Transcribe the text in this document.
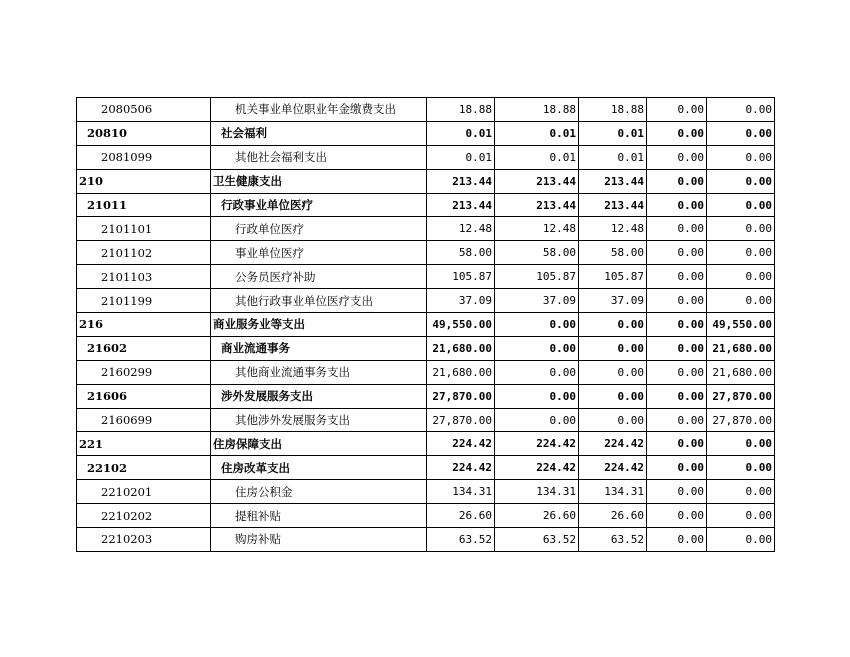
2080506	机关事业单位职业年金缴费支出	18.88	18.88	18.88	0.00	0.00
20810	社会福利	0.01	0.01	0.01	0.00	0.00
2081099	其他社会福利支出	0.01	0.01	0.01	0.00	0.00
210	卫生健康支出	213.44	213.44	213.44	0.00	0.00
21011	行政事业单位医疗	213.44	213.44	213.44	0.00	0.00
2101101	行政单位医疗	12.48	12.48	12.48	0.00	0.00
2101102	事业单位医疗	58.00	58.00	58.00	0.00	0.00
2101103	公务员医疗补助	105.87	105.87	105.87	0.00	0.00
2101199	其他行政事业单位医疗支出	37.09	37.09	37.09	0.00	0.00
216	商业服务业等支出	49,550.00	0.00	0.00	0.00	49,550.00
21602	商业流通事务	21,680.00	0.00	0.00	0.00	21,680.00
2160299	其他商业流通事务支出	21,680.00	0.00	0.00	0.00	21,680.00
21606	涉外发展服务支出	27,870.00	0.00	0.00	0.00	27,870.00
2160699	其他涉外发展服务支出	27,870.00	0.00	0.00	0.00	27,870.00
221	住房保障支出	224.42	224.42	224.42	0.00	0.00
22102	住房改革支出	224.42	224.42	224.42	0.00	0.00
2210201	住房公积金	134.31	134.31	134.31	0.00	0.00
2210202	提租补贴	26.60	26.60	26.60	0.00	0.00
2210203	购房补贴	63.52	63.52	63.52	0.00	0.00
